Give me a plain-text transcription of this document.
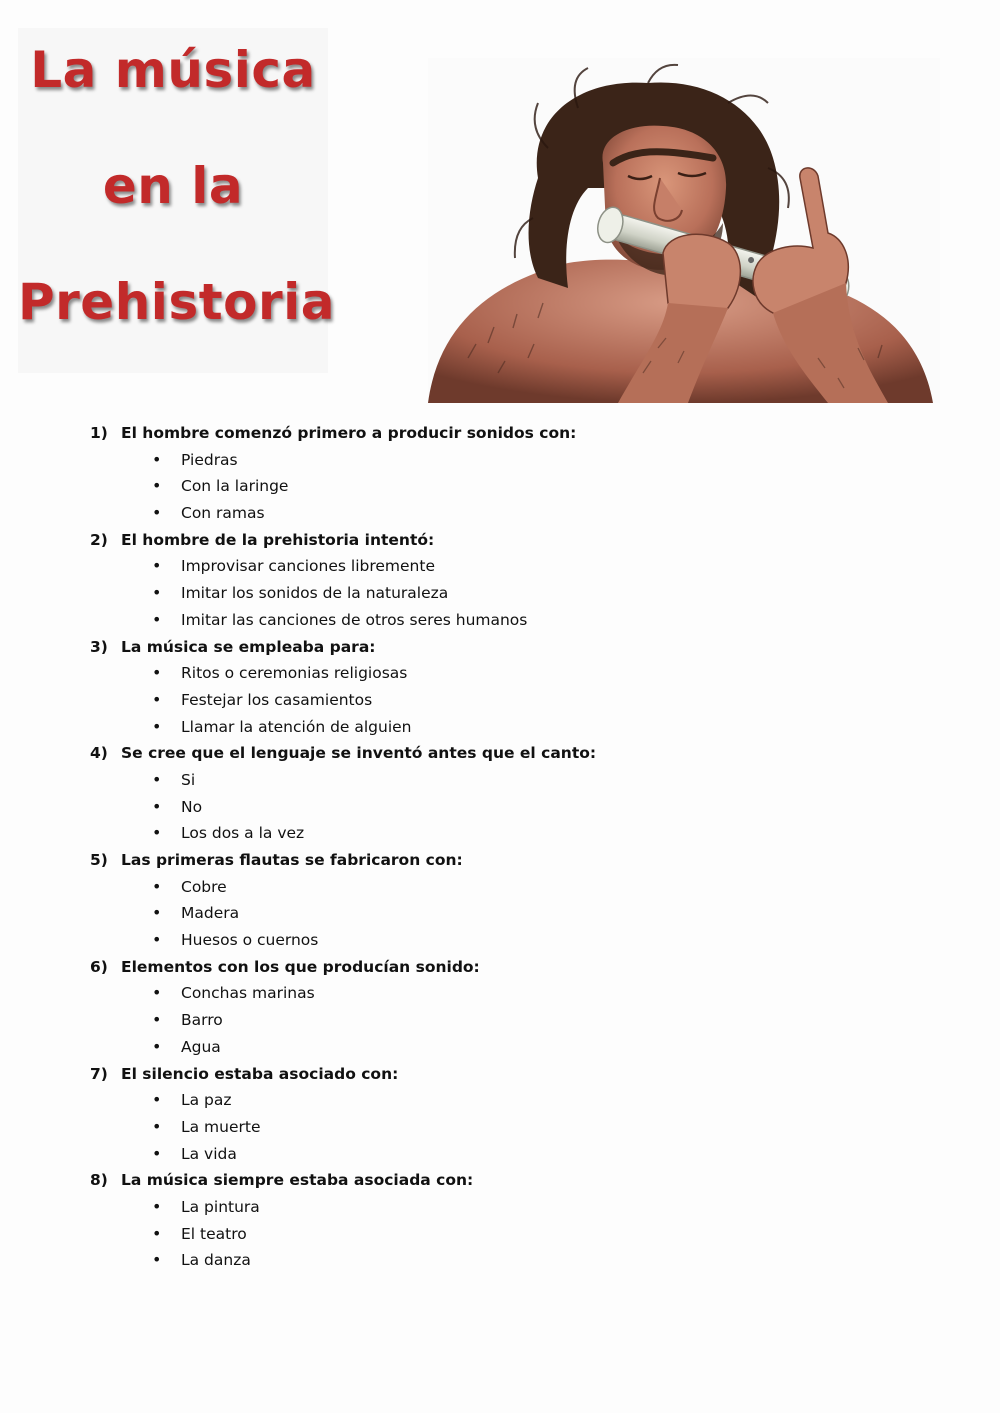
La música
en la
Prehistoria
1) El hombre comenzó primero a producir sonidos con:
• Piedras
• Con la laringe
• Con ramas
2) El hombre de la prehistoria intentó:
• Improvisar canciones libremente
• Imitar los sonidos de la naturaleza
• Imitar las canciones de otros seres humanos
3) La música se empleaba para:
• Ritos o ceremonias religiosas
• Festejar los casamientos
• Llamar la atención de alguien
4) Se cree que el lenguaje se inventó antes que el canto:
• Si
• No
• Los dos a la vez
5) Las primeras flautas se fabricaron con:
• Cobre
• Madera
• Huesos o cuernos
6) Elementos con los que producían sonido:
• Conchas marinas
• Barro
• Agua
7) El silencio estaba asociado con:
• La paz
• La muerte
• La vida
8) La música siempre estaba asociada con:
• La pintura
• El teatro
• La danza
